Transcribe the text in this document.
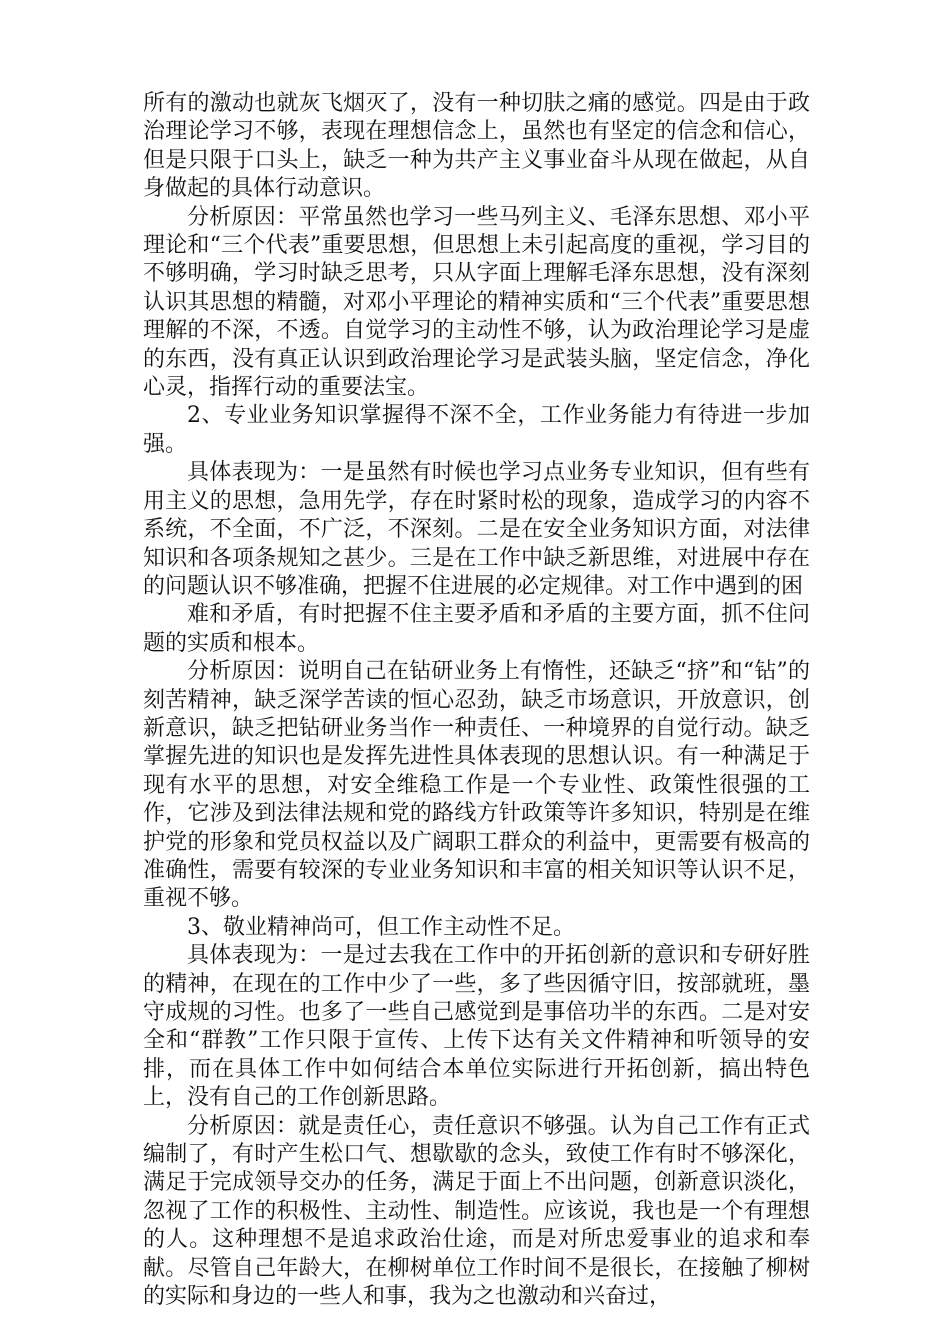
所有的激动也就灰飞烟灭了，没有一种切肤之痛的感觉。四是由于政治理论学习不够，表现在理想信念上，虽然也有坚定的信念和信心，但是只限于口头上，缺乏一种为共产主义事业奋斗从现在做起，从自身做起的具体行动意识。

分析原因：平常虽然也学习一些马列主义、毛泽东思想、邓小平理论和“三个代表”重要思想，但思想上未引起高度的重视，学习目的不够明确，学习时缺乏思考，只从字面上理解毛泽东思想，没有深刻认识其思想的精髓，对邓小平理论的精神实质和“三个代表”重要思想理解的不深，不透。自觉学习的主动性不够，认为政治理论学习是虚的东西，没有真正认识到政治理论学习是武装头脑，坚定信念，净化心灵，指挥行动的重要法宝。

2、专业业务知识掌握得不深不全，工作业务能力有待进一步加强。

具体表现为：一是虽然有时候也学习点业务专业知识，但有些有用主义的思想，急用先学，存在时紧时松的现象，造成学习的内容不系统，不全面，不广泛，不深刻。二是在安全业务知识方面，对法律知识和各项条规知之甚少。三是在工作中缺乏新思维，对进展中存在的问题认识不够准确，把握不住进展的必定规律。对工作中遇到的困

难和矛盾，有时把握不住主要矛盾和矛盾的主要方面，抓不住问题的实质和根本。

分析原因：说明自己在钻研业务上有惰性，还缺乏“挤”和“钻”的刻苦精神，缺乏深学苦读的恒心忍劲，缺乏市场意识，开放意识，创新意识，缺乏把钻研业务当作一种责任、一种境界的自觉行动。缺乏掌握先进的知识也是发挥先进性具体表现的思想认识。有一种满足于现有水平的思想，对安全维稳工作是一个专业性、政策性很强的工作，它涉及到法律法规和党的路线方针政策等许多知识，特别是在维护党的形象和党员权益以及广阔职工群众的利益中，更需要有极高的准确性，需要有较深的专业业务知识和丰富的相关知识等认识不足，重视不够。

3、敬业精神尚可，但工作主动性不足。

具体表现为：一是过去我在工作中的开拓创新的意识和专研好胜的精神，在现在的工作中少了一些，多了些因循守旧，按部就班，墨守成规的习性。也多了一些自己感觉到是事倍功半的东西。二是对安全和“群教”工作只限于宣传、上传下达有关文件精神和听领导的安排，而在具体工作中如何结合本单位实际进行开拓创新，搞出特色上，没有自己的工作创新思路。

分析原因：就是责任心，责任意识不够强。认为自己工作有正式编制了，有时产生松口气、想歇歇的念头，致使工作有时不够深化，满足于完成领导交办的任务，满足于面上不出问题，创新意识淡化，忽视了工作的积极性、主动性、制造性。应该说，我也是一个有理想的人。这种理想不是追求政治仕途，而是对所忠爱事业的追求和奉献。尽管自己年龄大，在柳树单位工作时间不是很长，在接触了柳树的实际和身边的一些人和事，我为之也激动和兴奋过，
